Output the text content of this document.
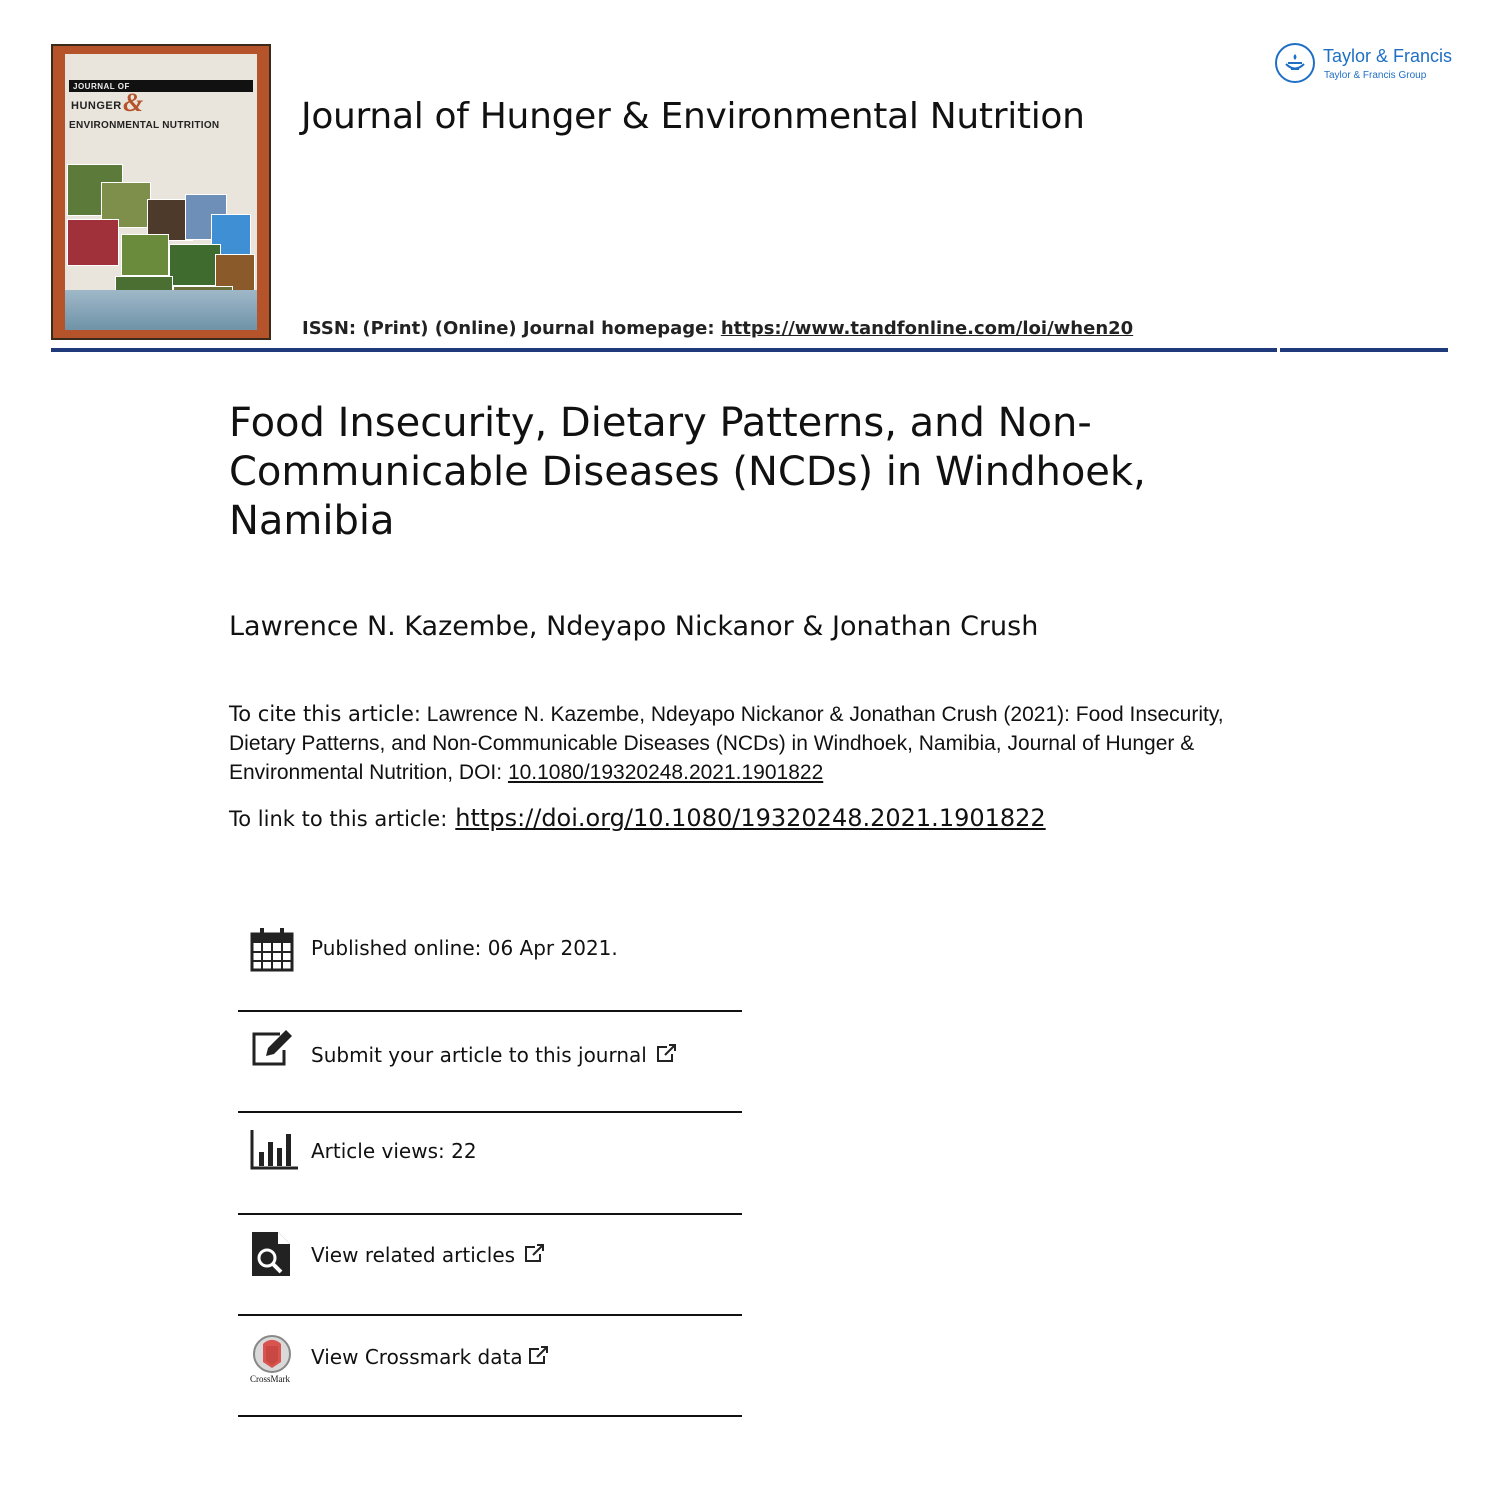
JOURNAL OF
HUNGER &
ENVIRONMENTAL NUTRITION Journal of Hunger & Environmental Nutrition
ISSN: (Print) (Online) Journal homepage: https://www.tandfonline.com/loi/when20
Taylor & Francis
Taylor & Francis Group
Food Insecurity, Dietary Patterns, and Non-Communicable Diseases (NCDs) in Windhoek, Namibia
Lawrence N. Kazembe, Ndeyapo Nickanor & Jonathan Crush
To cite this article: Lawrence N. Kazembe, Ndeyapo Nickanor & Jonathan Crush (2021): Food Insecurity, Dietary Patterns, and Non-Communicable Diseases (NCDs) in Windhoek, Namibia, Journal of Hunger & Environmental Nutrition, DOI: 10.1080/19320248.2021.1901822
To link to this article: https://doi.org/10.1080/19320248.2021.1901822
Published online: 06 Apr 2021.
Submit your article to this journal
Article views: 22
View related articles
CrossMark
View Crossmark data
